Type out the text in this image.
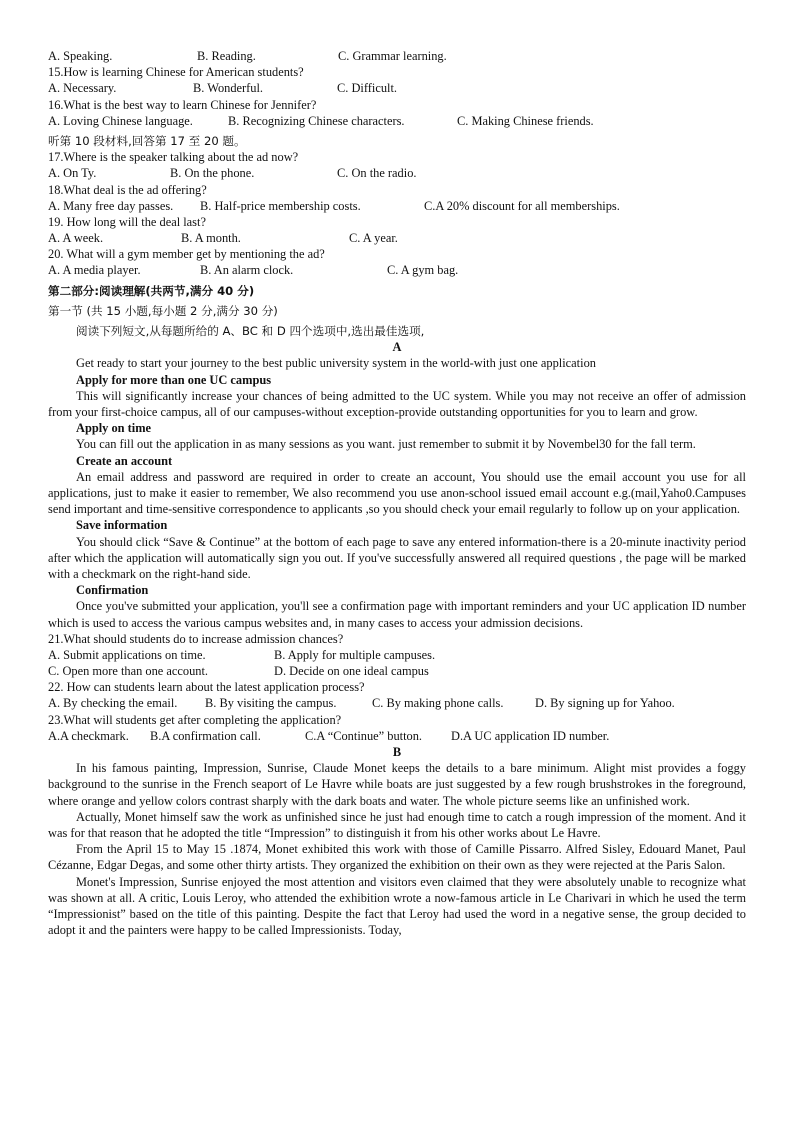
A. Speaking.	B. Reading.	C. Grammar learning.
15.How is learning Chinese for American students?
A. Necessary.	B. Wonderful.	C. Difficult.
16.What is the best way to learn Chinese for Jennifer?
A. Loving Chinese language.	B. Recognizing Chinese characters.	C. Making Chinese friends.
听第 10 段材料,回答第 17 至 20 题。
17.Where is the speaker talking about the ad now?
A. On Ty.	B. On the phone.	C. On the radio.
18.What deal is the ad offering?
A. Many free day passes.	B. Half-price membership costs.	C.A 20% discount for all memberships.
19. How long will the deal last?
A. A week.	B. A month.	C. A year.
20. What will a gym member get by mentioning the ad?
A. A media player.	B. An alarm clock.	C. A gym bag.
第二部分:阅读理解(共两节,满分 40 分)
第一节 (共 15 小题,每小题 2 分,满分 30 分)
阅读下列短文,从每题所给的 A、BC 和 D 四个选项中,选出最佳选项,
A
Get ready to start your journey to the best public university system in the world-with just one application
Apply for more than one UC campus
This will significantly increase your chances of being admitted to the UC system. While you may not receive an offer of admission from your first-choice campus, all of our campuses-without exception-provide outstanding opportunities for you to learn and grow.
Apply on time
You can fill out the application in as many sessions as you want. just remember to submit it by Novembel30 for the fall term.
Create an account
An email address and password are required in order to create an account, You should use the email account you use for all applications, just to make it easier to remember, We also recommend you use anon-school issued email account e.g.(mail,Yaho0.Campuses send important and time-sensitive correspondence to applicants ,so you should check your email regularly to follow up on your application.
Save information
You should click “Save & Continue” at the bottom of each page to save any entered information-there is a 20-minute inactivity period after which the application will automatically sign you out. If you've successfully answered all required questions , the page will be marked with a checkmark on the right-hand side.
Confirmation
Once you've submitted your application, you'll see a confirmation page with important reminders and your UC application ID number which is used to access the various campus websites and, in many cases to access your admission decisions.
21.What should students do to increase admission chances?
A. Submit applications on time.	B. Apply for multiple campuses.
C. Open more than one account.	D. Decide on one ideal campus
22. How can students learn about the latest application process?
A. By checking the email.	B. By visiting the campus.	C. By making phone calls.	D. By signing up for Yahoo.
23.What will students get after completing the application?
A.A checkmark.	B.A confirmation call.	C.A “Continue” button.	D.A UC application ID number.
B
In his famous painting, Impression, Sunrise, Claude Monet keeps the details to a bare minimum. Alight mist provides a foggy background to the sunrise in the French seaport of Le Havre while boats are just suggested by a few rough brushstrokes in the foreground, where orange and yellow colors contrast sharply with the dark boats and water. The whole picture seems like an unfinished work.
Actually, Monet himself saw the work as unfinished since he just had enough time to catch a rough impression of the moment. And it was for that reason that he adopted the title “Impression” to distinguish it from his other works about Le Havre.
From the April 15 to May 15 .1874, Monet exhibited this work with those of Camille Pissarro. Alfred Sisley, Edouard Manet, Paul Cézanne, Edgar Degas, and some other thirty artists. They organized the exhibition on their own as they were rejected at the Paris Salon.
Monet's Impression, Sunrise enjoyed the most attention and visitors even claimed that they were absolutely unable to recognize what was shown at all. A critic, Louis Leroy, who attended the exhibition wrote a now-famous article in Le Charivari in which he used the term “Impressionist” based on the title of this painting. Despite the fact that Leroy had used the word in a negative sense, the group decided to adopt it and the painters were happy to be called Impressionists. Today,
